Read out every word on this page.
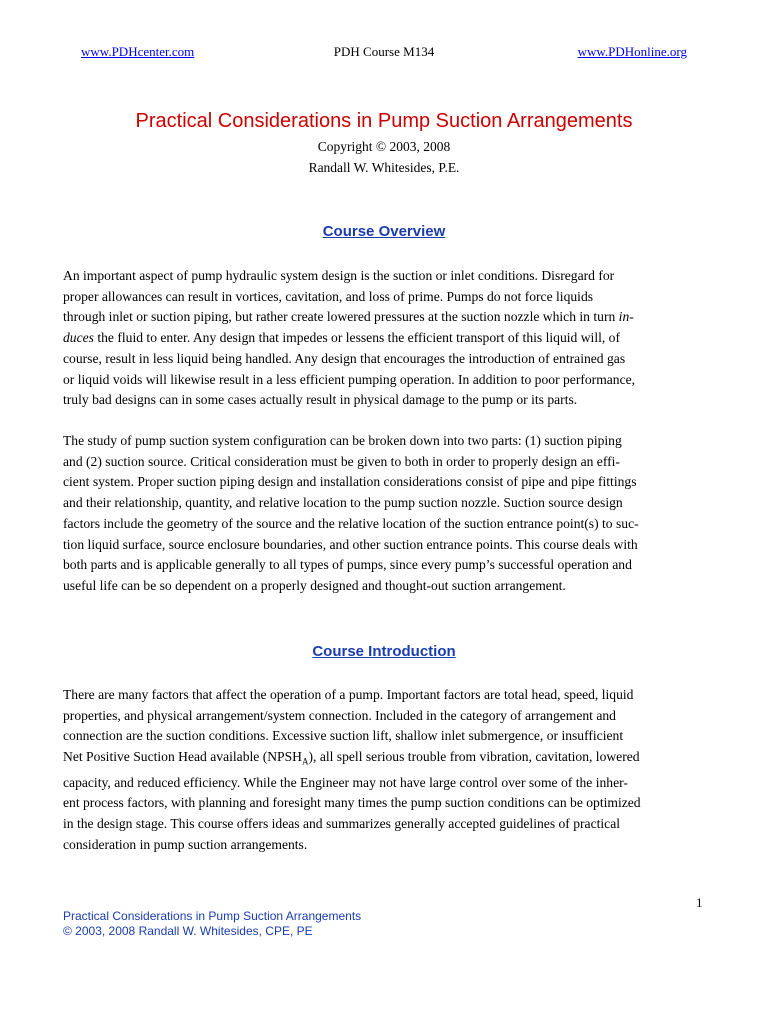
www.PDHcenter.com	PDH Course M134	www.PDHonline.org
Practical Considerations in Pump Suction Arrangements
Copyright © 2003, 2008
Randall W. Whitesides, P.E.
Course Overview
An important aspect of pump hydraulic system design is the suction or inlet conditions. Disregard for
proper allowances can result in vortices, cavitation, and loss of prime. Pumps do not force liquids
through inlet or suction piping, but rather create lowered pressures at the suction nozzle which in turn in-
duces the fluid to enter. Any design that impedes or lessens the efficient transport of this liquid will, of
course, result in less liquid being handled. Any design that encourages the introduction of entrained gas
or liquid voids will likewise result in a less efficient pumping operation. In addition to poor performance,
truly bad designs can in some cases actually result in physical damage to the pump or its parts.
The study of pump suction system configuration can be broken down into two parts: (1) suction piping
and (2) suction source. Critical consideration must be given to both in order to properly design an effi-
cient system. Proper suction piping design and installation considerations consist of pipe and pipe fittings
and their relationship, quantity, and relative location to the pump suction nozzle. Suction source design
factors include the geometry of the source and the relative location of the suction entrance point(s) to suc-
tion liquid surface, source enclosure boundaries, and other suction entrance points. This course deals with
both parts and is applicable generally to all types of pumps, since every pump’s successful operation and
useful life can be so dependent on a properly designed and thought-out suction arrangement.
Course Introduction
There are many factors that affect the operation of a pump. Important factors are total head, speed, liquid
properties, and physical arrangement/system connection. Included in the category of arrangement and
connection are the suction conditions. Excessive suction lift, shallow inlet submergence, or insufficient
Net Positive Suction Head available $(NPSH_A)$, all spell serious trouble from vibration, cavitation, lowered
capacity, and reduced efficiency. While the Engineer may not have large control over some of the inher-
ent process factors, with planning and foresight many times the pump suction conditions can be optimized
in the design stage. This course offers ideas and summarizes generally accepted guidelines of practical
consideration in pump suction arrangements.
1
Practical Considerations in Pump Suction Arrangements
© 2003, 2008 Randall W. Whitesides, CPE, PE
